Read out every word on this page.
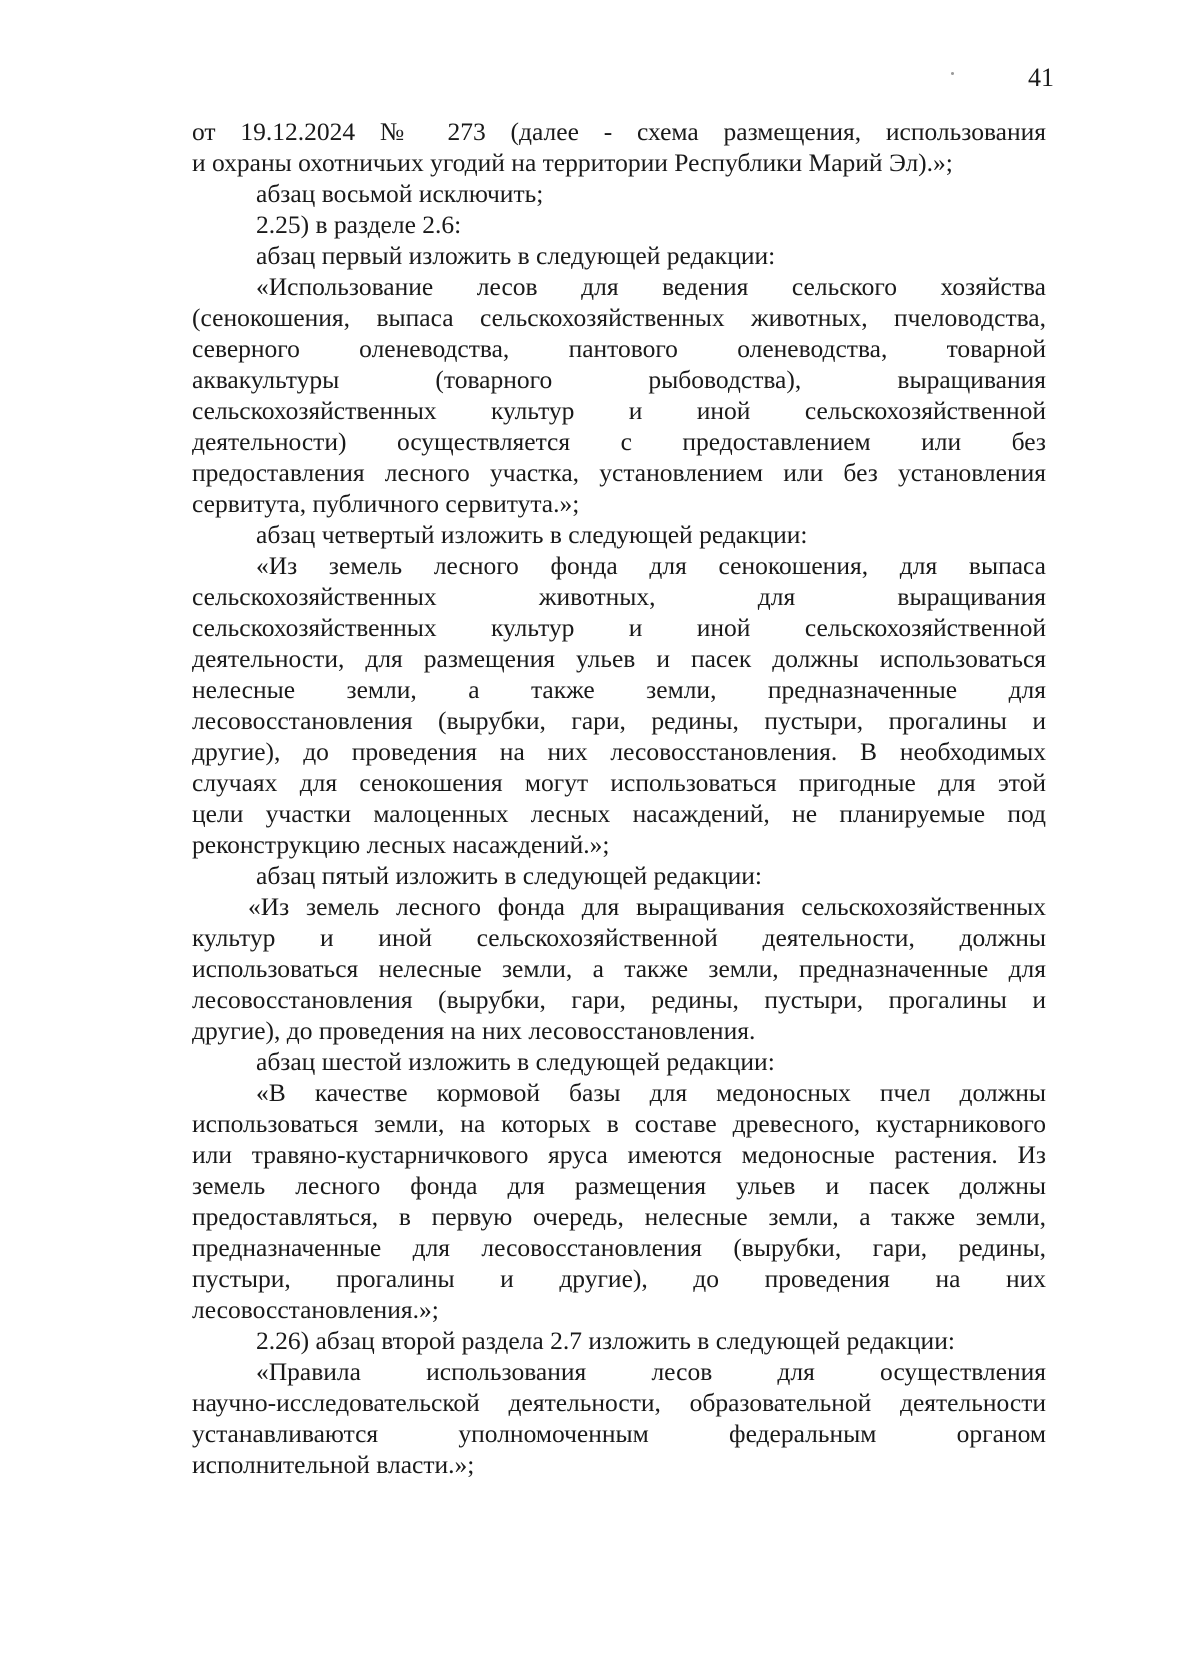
41
от 19.12.2024 № 273 (далее - схема размещения, использования
и охраны охотничьих угодий на территории Республики Марий Эл).»;
абзац восьмой исключить;
2.25) в разделе 2.6:
абзац первый изложить в следующей редакции:
«Использование лесов для ведения сельского хозяйства
(сенокошения, выпаса сельскохозяйственных животных, пчеловодства,
северного оленеводства, пантового оленеводства, товарной
аквакультуры (товарного рыбоводства), выращивания
сельскохозяйственных культур и иной сельскохозяйственной
деятельности) осуществляется с предоставлением или без
предоставления лесного участка, установлением или без установления
сервитута, публичного сервитута.»;
абзац четвертый изложить в следующей редакции:
«Из земель лесного фонда для сенокошения, для выпаса
сельскохозяйственных животных, для выращивания
сельскохозяйственных культур и иной сельскохозяйственной
деятельности, для размещения ульев и пасек должны использоваться
нелесные земли, а также земли, предназначенные для
лесовосстановления (вырубки, гари, редины, пустыри, прогалины и
другие), до проведения на них лесовосстановления. В необходимых
случаях для сенокошения могут использоваться пригодные для этой
цели участки малоценных лесных насаждений, не планируемые под
реконструкцию лесных насаждений.»;
абзац пятый изложить в следующей редакции:
«Из земель лесного фонда для выращивания сельскохозяйственных
культур и иной сельскохозяйственной деятельности, должны
использоваться нелесные земли, а также земли, предназначенные для
лесовосстановления (вырубки, гари, редины, пустыри, прогалины и
другие), до проведения на них лесовосстановления.
абзац шестой изложить в следующей редакции:
«В качестве кормовой базы для медоносных пчел должны
использоваться земли, на которых в составе древесного, кустарникового
или травяно-кустарничкового яруса имеются медоносные растения. Из
земель лесного фонда для размещения ульев и пасек должны
предоставляться, в первую очередь, нелесные земли, а также земли,
предназначенные для лесовосстановления (вырубки, гари, редины,
пустыри, прогалины и другие), до проведения на них
лесовосстановления.»;
2.26) абзац второй раздела 2.7 изложить в следующей редакции:
«Правила использования лесов для осуществления
научно-исследовательской деятельности, образовательной деятельности
устанавливаются уполномоченным федеральным органом
исполнительной власти.»;
